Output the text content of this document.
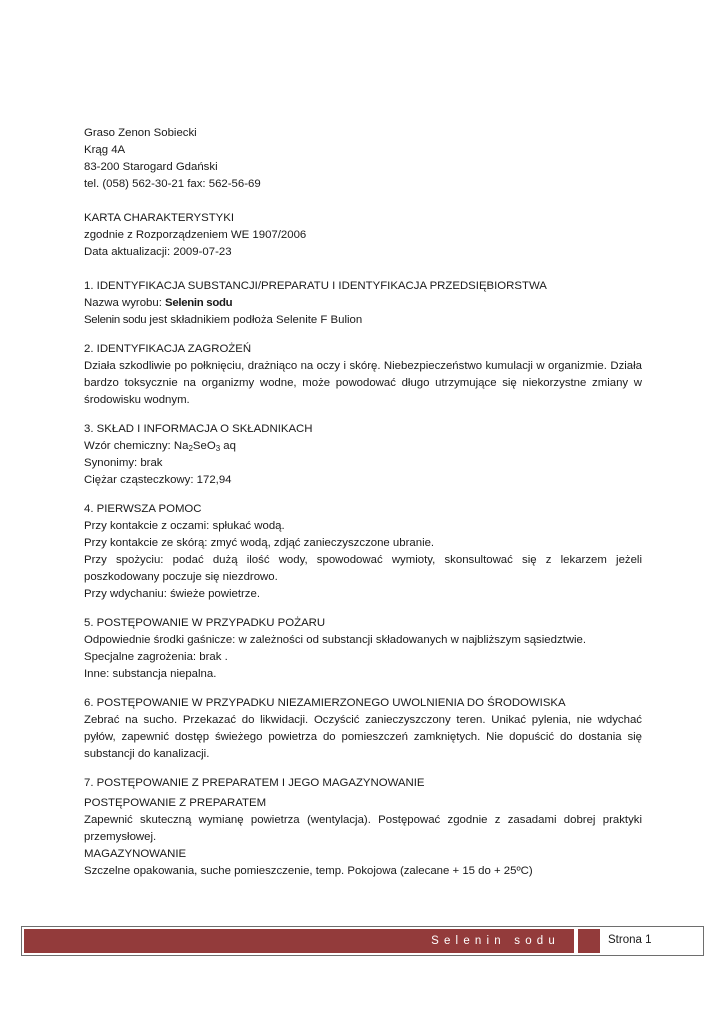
Graso Zenon Sobiecki
Krąg 4A
83-200 Starogard Gdański
tel. (058) 562-30-21 fax: 562-56-69
KARTA CHARAKTERYSTYKI
zgodnie z Rozporządzeniem WE 1907/2006
Data aktualizacji: 2009-07-23
1. IDENTYFIKACJA SUBSTANCJI/PREPARATU I IDENTYFIKACJA PRZEDSIĘBIORSTWA
Nazwa wyrobu: Selenin sodu
Selenin sodu jest składnikiem podłoża Selenite F Bulion
2. IDENTYFIKACJA ZAGROŻEŃ

Działa szkodliwie po połknięciu, drażniąco na oczy i skórę. Niebezpieczeństwo kumulacji w organizmie. Działa bardzo toksycznie na organizmy wodne, może powodować długo utrzymujące się niekorzystne zmiany w środowisku wodnym.

3. SKŁAD I INFORMACJA O SKŁADNIKACH
Wzór chemiczny: $Na_2SeO_3$ aq
Synonimy: brak
Ciężar cząsteczkowy: 172,94
4. PIERWSZA POMOC
Przy kontakcie z oczami: spłukać wodą.
Przy kontakcie ze skórą: zmyć wodą, zdjąć zanieczyszczone ubranie.

Przy spożyciu: podać dużą ilość wody, spowodować wymioty, skonsultować się z lekarzem jeżeli poszkodowany poczuje się niezdrowo.

Przy wdychaniu: świeże powietrze.
5. POSTĘPOWANIE W PRZYPADKU POŻARU
Odpowiednie środki gaśnicze: w zależności od substancji składowanych w najbliższym sąsiedztwie.
Specjalne zagrożenia: brak .
Inne: substancja niepalna.
6. POSTĘPOWANIE W PRZYPADKU NIEZAMIERZONEGO UWOLNIENIA DO ŚRODOWISKA

Zebrać na sucho. Przekazać do likwidacji. Oczyścić zanieczyszczony teren. Unikać pylenia, nie wdychać pyłów, zapewnić dostęp świeżego powietrza do pomieszczeń zamkniętych. Nie dopuścić do dostania się substancji do kanalizacji.

7. POSTĘPOWANIE Z PREPARATEM I JEGO MAGAZYNOWANIE
POSTĘPOWANIE Z PREPARATEM

Zapewnić skuteczną wymianę powietrza (wentylacja). Postępować zgodnie z zasadami dobrej praktyki przemysłowej.

MAGAZYNOWANIE
Szczelne opakowania, suche pomieszczenie, temp. Pokojowa (zalecane + 15 do + 25ºC)
Selenin sodu	Strona 1
